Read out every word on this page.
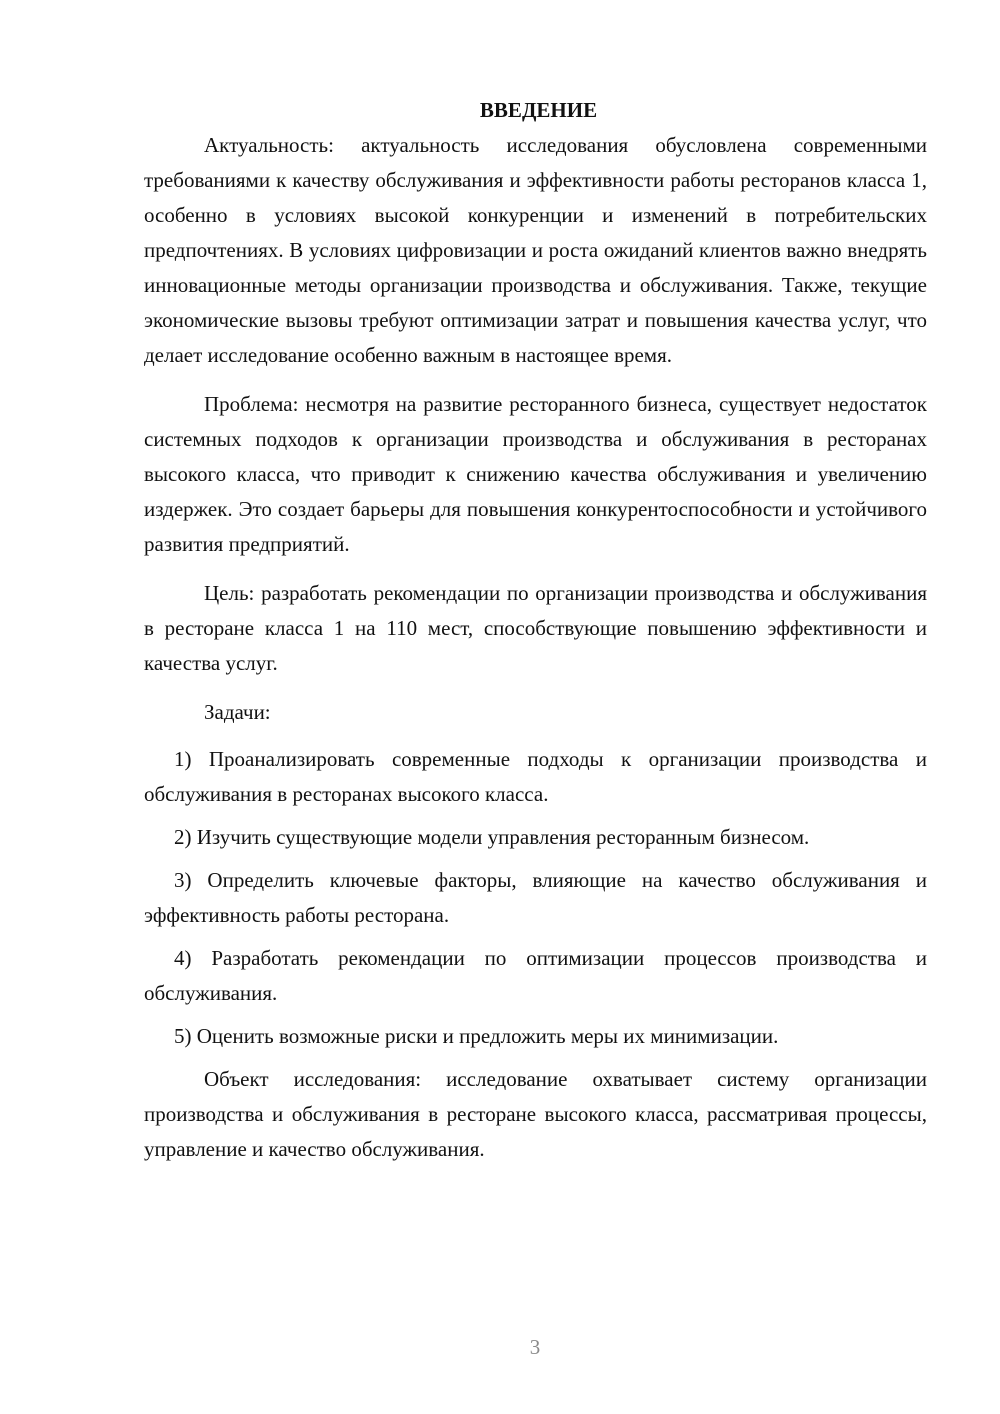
ВВЕДЕНИЕ

Актуальность: актуальность исследования обусловлена современными требованиями к качеству обслуживания и эффективности работы ресторанов класса 1, особенно в условиях высокой конкуренции и изменений в потребительских предпочтениях. В условиях цифровизации и роста ожиданий клиентов важно внедрять инновационные методы организации производства и обслуживания. Также, текущие экономические вызовы требуют оптимизации затрат и повышения качества услуг, что делает исследование особенно важным в настоящее время.

Проблема: несмотря на развитие ресторанного бизнеса, существует недостаток системных подходов к организации производства и обслуживания в ресторанах высокого класса, что приводит к снижению качества обслуживания и увеличению издержек. Это создает барьеры для повышения конкурентоспособности и устойчивого развития предприятий.

Цель: разработать рекомендации по организации производства и обслуживания в ресторане класса 1 на 110 мест, способствующие повышению эффективности и качества услуг.

Задачи:

1) Проанализировать современные подходы к организации производства и обслуживания в ресторанах высокого класса.

2) Изучить существующие модели управления ресторанным бизнесом.

3) Определить ключевые факторы, влияющие на качество обслуживания и эффективность работы ресторана.

4) Разработать рекомендации по оптимизации процессов производства и обслуживания.

5) Оценить возможные риски и предложить меры их минимизации.

Объект исследования: исследование охватывает систему организации производства и обслуживания в ресторане высокого класса, рассматривая процессы, управление и качество обслуживания.

3
